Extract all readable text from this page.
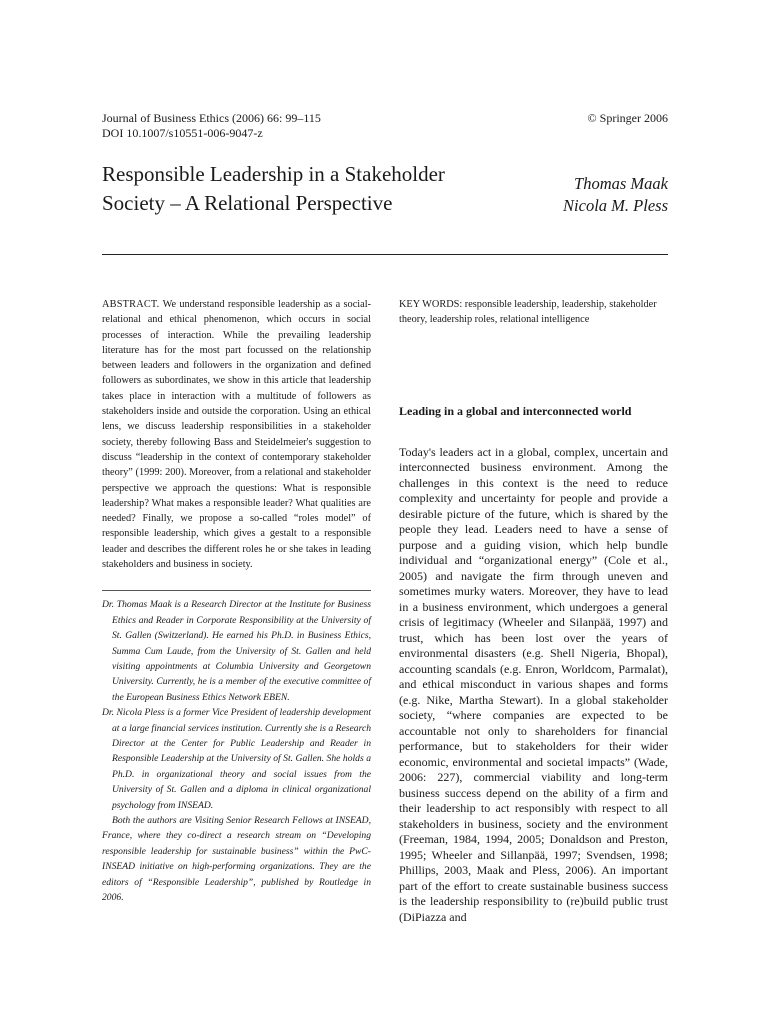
Journal of Business Ethics (2006) 66: 99–115
DOI 10.1007/s10551-006-9047-z
© Springer 2006
Responsible Leadership in a Stakeholder
Society – A Relational Perspective
Thomas Maak
Nicola M. Pless

ABSTRACT. We understand responsible leadership as a social-relational and ethical phenomenon, which occurs in social processes of interaction. While the prevailing leadership literature has for the most part focussed on the relationship between leaders and followers in the organization and defined followers as subordinates, we show in this article that leadership takes place in interaction with a multitude of followers as stakeholders inside and outside the corporation. Using an ethical lens, we discuss leadership responsibilities in a stakeholder society, thereby following Bass and Steidelmeier's suggestion to discuss “leadership in the context of contemporary stakeholder theory” (1999: 200). Moreover, from a relational and stakeholder perspective we approach the questions: What is responsible leadership? What makes a responsible leader? What qualities are needed? Finally, we propose a so-called “roles model” of responsible leadership, which gives a gestalt to a responsible leader and describes the different roles he or she takes in leading stakeholders and business in society.

Dr. Thomas Maak is a Research Director at the Institute for Business Ethics and Reader in Corporate Responsibility at the University of St. Gallen (Switzerland). He earned his Ph.D. in Business Ethics, Summa Cum Laude, from the University of St. Gallen and held visiting appointments at Columbia University and Georgetown University. Currently, he is a member of the executive committee of the European Business Ethics Network EBEN.

Dr. Nicola Pless is a former Vice President of leadership development at a large financial services institution. Currently she is a Research Director at the Center for Public Leadership and Reader in Responsible Leadership at the University of St. Gallen. She holds a Ph.D. in organizational theory and social issues from the University of St. Gallen and a diploma in clinical organizational psychology from INSEAD.

Both the authors are Visiting Senior Research Fellows at INSEAD, France, where they co-direct a research stream on “Developing responsible leadership for sustainable business” within the PwC-INSEAD initiative on high-performing organizations. They are the editors of “Responsible Leadership”, published by Routledge in 2006.

KEY WORDS: responsible leadership, leadership, stakeholder theory, leadership roles, relational intelligence

Leading in a global and interconnected world

Today's leaders act in a global, complex, uncertain and interconnected business environment. Among the challenges in this context is the need to reduce complexity and uncertainty for people and provide a desirable picture of the future, which is shared by the people they lead. Leaders need to have a sense of purpose and a guiding vision, which help bundle individual and “organizational energy” (Cole et al., 2005) and navigate the firm through uneven and sometimes murky waters. Moreover, they have to lead in a business environment, which undergoes a general crisis of legitimacy (Wheeler and Silanpää, 1997) and trust, which has been lost over the years of environmental disasters (e.g. Shell Nigeria, Bhopal), accounting scandals (e.g. Enron, Worldcom, Parmalat), and ethical misconduct in various shapes and forms (e.g. Nike, Martha Stewart). In a global stakeholder society, “where companies are expected to be accountable not only to shareholders for financial performance, but to stakeholders for their wider economic, environmental and societal impacts” (Wade, 2006: 227), commercial viability and long-term business success depend on the ability of a firm and their leadership to act responsibly with respect to all stakeholders in business, society and the environment (Freeman, 1984, 1994, 2005; Donaldson and Preston, 1995; Wheeler and Sillanpää, 1997; Svendsen, 1998; Phillips, 2003, Maak and Pless, 2006). An important part of the effort to create sustainable business success is the leadership responsibility to (re)build public trust (DiPiazza and
